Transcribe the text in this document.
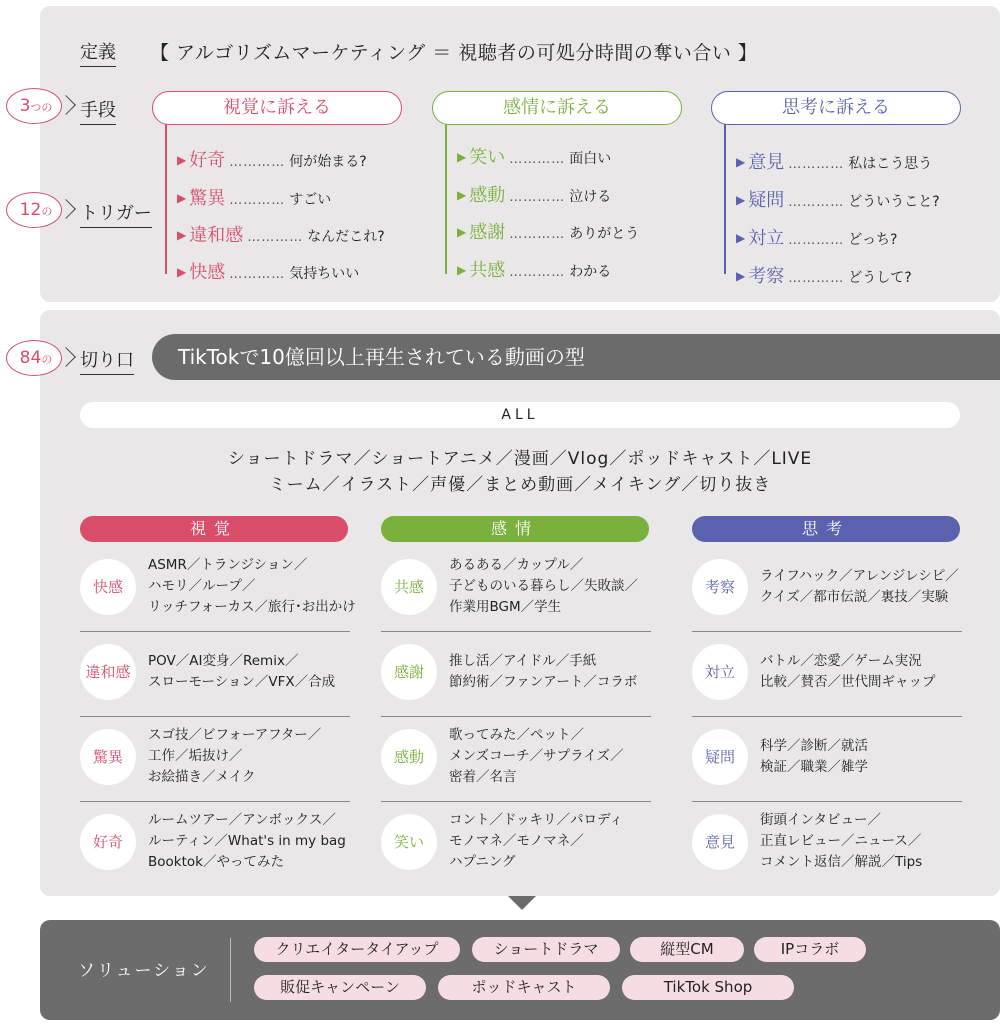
定義 【 アルゴリズムマーケティング ＝ 視聴者の可処分時間の奪い合い 】
3つの	手段
12の	トリガー
視覚に訴える
▶ 好奇 ………… 何が始まる?
▶ 驚異 ………… すごい
▶ 違和感 ………… なんだこれ?
▶ 快感 ………… 気持ちいい
感情に訴える
▶ 笑い ………… 面白い
▶ 感動 ………… 泣ける
▶ 感謝 ………… ありがとう
▶ 共感 ………… わかる
思考に訴える
▶ 意見 ………… 私はこう思う
▶ 疑問 ………… どういうこと?
▶ 対立 ………… どっち?
▶ 考察 ………… どうして?
84の	切り口	TikTokで10億回以上再生されている動画の型
ALL
ショートドラマ／ショートアニメ／漫画／Vlog／ポッドキャスト／LIVE
ミーム／イラスト／声優／まとめ動画／メイキング／切り抜き
視覚
快感
ASMR／トランジション／
ハモリ／ループ／
リッチフォーカス／旅行･お出かけ
違和感
POV／AI変身／Remix／
スローモーション／VFX／合成
驚異
スゴ技／ビフォーアフター／
工作／垢抜け／
お絵描き／メイク
好奇
ルームツアー／アンボックス／
ルーティン／What's in my bag
Booktok／やってみた
感情
共感
あるある／カップル／
子どものいる暮らし／失敗談／
作業用BGM／学生
感謝
推し活／アイドル／手紙
節約術／ファンアート／コラボ
感動
歌ってみた／ペット／
メンズコーチ／サプライズ／
密着／名言
笑い
コント／ドッキリ／パロディ
モノマネ／モノマネ／
ハプニング
思考
考察
ライフハック／アレンジレシピ／
クイズ／都市伝説／裏技／実験
対立
バトル／恋愛／ゲーム実況
比較／賛否／世代間ギャップ
疑問
科学／診断／就活
検証／職業／雑学
意見
街頭インタビュー／
正直レビュー／ニュース／
コメント返信／解説／Tips
ソリューション
クリエイタータイアップ	ショートドラマ	縦型CM	IPコラボ
販促キャンペーン	ポッドキャスト	TikTok Shop
